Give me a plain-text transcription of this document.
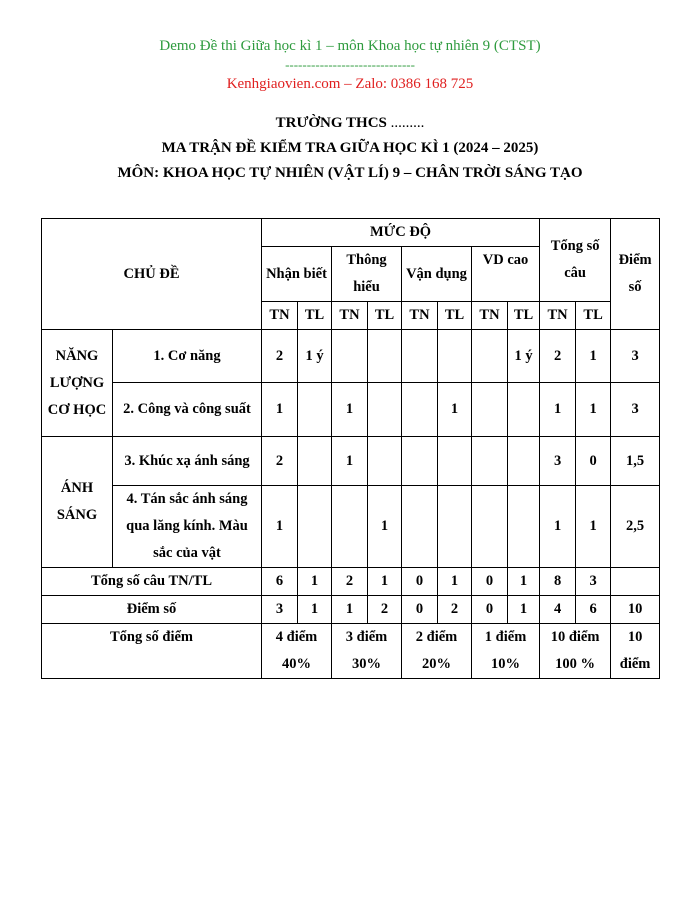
Demo Đề thi Giữa học kì 1 – môn Khoa học tự nhiên 9 (CTST)
------------------------------
Kenhgiaovien.com – Zalo: 0386 168 725
TRƯỜNG THCS .........
MA TRẬN ĐỀ KIỂM TRA GIỮA HỌC KÌ 1 (2024 – 2025)
MÔN: KHOA HỌC TỰ NHIÊN (VẬT LÍ) 9 – CHÂN TRỜI SÁNG TẠO
CHỦ ĐỀ		MỨC ĐỘ								Tổng số câu		Điểm số
		Nhận biết		Thông hiểu		Vận dụng		VD cao				
		TN	TL	TN	TL	TN	TL	TN	TL	TN	TL	
NĂNG LƯỢNG CƠ HỌC	1. Cơ năng	2	1 ý						1 ý	2	1	3
	2. Công và công suất	1		1			1			1	1	3
ÁNH SÁNG	3. Khúc xạ ánh sáng	2		1						3	0	1,5
	4. Tán sắc ánh sáng qua lăng kính. Màu sắc của vật	1			1					1	1	2,5
Tổng số câu TN/TL		6	1	2	1	0	1	0	1	8	3	
Điểm số		3	1	1	2	0	2	0	1	4	6	10
Tổng số điểm		4 điểm 40%		3 điểm 30%		2 điểm 20%		1 điểm 10%		10 điểm 100 %		10 điểm
